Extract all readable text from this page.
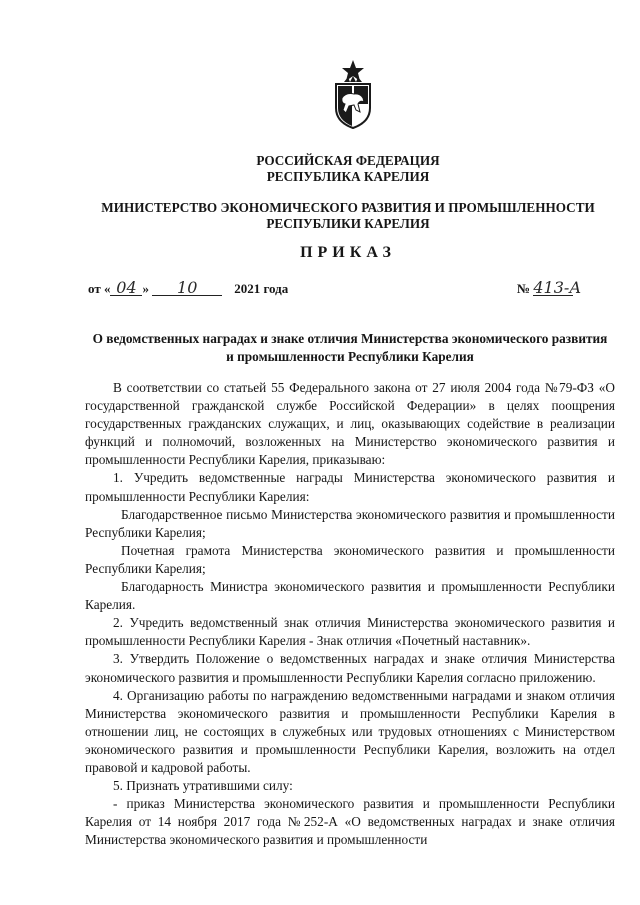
РОССИЙСКАЯ ФЕДЕРАЦИЯ

РЕСПУБЛИКА КАРЕЛИЯ

МИНИСТЕРСТВО ЭКОНОМИЧЕСКОГО РАЗВИТИЯ И ПРОМЫШЛЕННОСТИ

РЕСПУБЛИКИ КАРЕЛИЯ

ПРИКАЗ

от « 04 » 10	2021 года	№ 413-А

О ведомственных наградах и знаке отличия Министерства экономического развития и промышленности Республики Карелия

В соответствии со статьей 55 Федерального закона от 27 июля 2004 года №79-ФЗ «О государственной гражданской службе Российской Федерации» в целях поощрения государственных гражданских служащих, и лиц, оказывающих содействие в реализации функций и полномочий, возложенных на Министерство экономического развития и промышленности Республики Карелия, приказываю:

1. Учредить ведомственные награды Министерства экономического развития и промышленности Республики Карелия:

Благодарственное письмо Министерства экономического развития и промышленности Республики Карелия;

Почетная грамота Министерства экономического развития и промышленности Республики Карелия;

Благодарность Министра экономического развития и промышленности Республики Карелия.

2. Учредить ведомственный знак отличия Министерства экономического развития и промышленности Республики Карелия - Знак отличия «Почетный наставник».

3. Утвердить Положение о ведомственных наградах и знаке отличия Министерства экономического развития и промышленности Республики Карелия согласно приложению.

4. Организацию работы по награждению ведомственными наградами и знаком отличия Министерства экономического развития и промышленности Республики Карелия в отношении лиц, не состоящих в служебных или трудовых отношениях с Министерством экономического развития и промышленности Республики Карелия, возложить на отдел правовой и кадровой работы.

5. Признать утратившими силу:

- приказ Министерства экономического развития и промышленности Республики Карелия от 14 ноября 2017 года №252-А «О ведомственных наградах и знаке отличия Министерства экономического развития и промышленности
